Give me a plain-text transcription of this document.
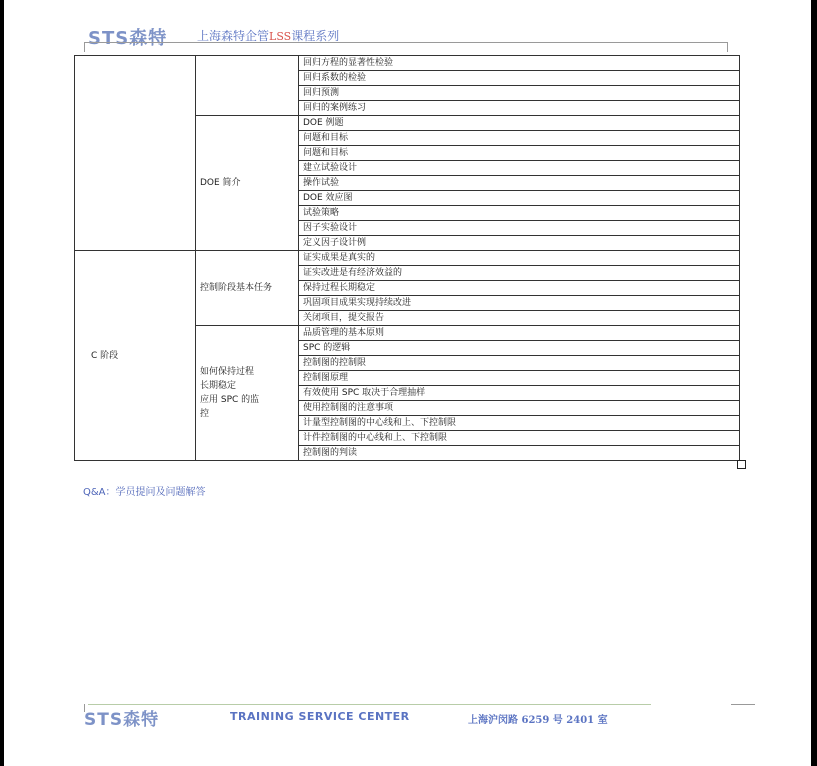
STS森特 上海森特企管LSS课程系列
		回归方程的显著性检验
		回归系数的检验
		回归预测
		回归的案例练习
	DOE 简介	DOE 例题
		问题和目标
		问题和目标
		建立试验设计
		操作试验
		DOE 效应图
		试验策略
		因子实验设计
		定义因子设计例
C 阶段	控制阶段基本任务	证实成果是真实的
		证实改进是有经济效益的
		保持过程长期稳定
		巩固项目成果实现持续改进
		关闭项目，提交报告

	如何保持过程
长期稳定
应用 SPC 的监
控	品质管理的基本原则
		SPC 的逻辑
		控制图的控制限
		控制图原理
		有效使用 SPC 取决于合理抽样
		使用控制图的注意事项
		计量型控制图的中心线和上、下控制限
		计件控制图的中心线和上、下控制限
		控制图的判读
Q&A：学员提问及问题解答
STS森特	TRAINING SERVICE CENTER	上海沪闵路 6259 号 2401 室
